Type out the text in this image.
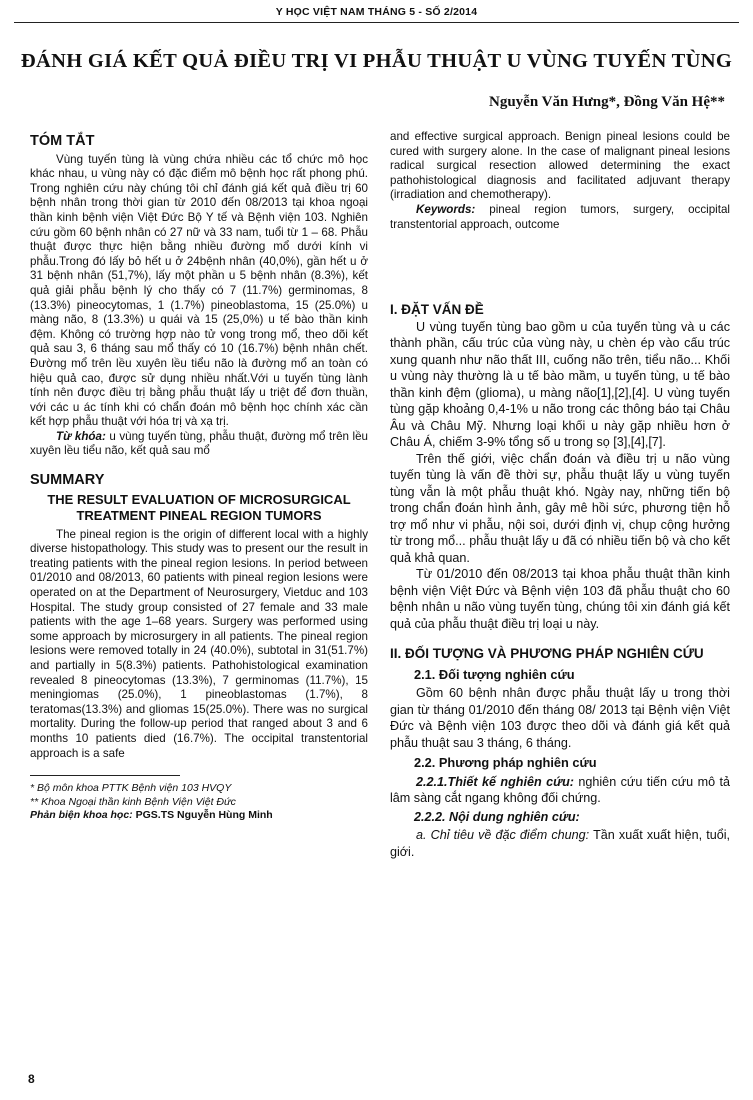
Y HỌC VIỆT NAM THÁNG 5 - SỐ 2/2014
ĐÁNH GIÁ KẾT QUẢ ĐIỀU TRỊ VI PHẪU THUẬT U VÙNG TUYẾN TÙNG
Nguyễn Văn Hưng*, Đồng Văn Hệ**
TÓM TẮT

Vùng tuyến tùng là vùng chứa nhiều các tổ chức mô học khác nhau, u vùng này có đặc điểm mô bệnh học rất phong phú. Trong nghiên cứu này chúng tôi chỉ đánh giá kết quả điều trị 60 bệnh nhân trong thời gian từ 2010 đến 08/2013 tại khoa ngoại thần kinh bệnh viện Việt Đức Bộ Y tế và Bệnh viện 103. Nghiên cứu gồm 60 bệnh nhân có 27 nữ và 33 nam, tuổi từ 1 – 68. Phẫu thuật được thực hiện bằng nhiều đường mổ dưới kính vi phẫu.Trong đó lấy bỏ hết u ở 24bệnh nhân (40,0%), gần hết u ở 31 bệnh nhân (51,7%), lấy một phần u 5 bệnh nhân (8.3%), kết quả giải phẫu bệnh lý cho thấy có 7 (11.7%) germinomas, 8 (13.3%) pineocytomas, 1 (1.7%) pineoblastoma, 15 (25.0%) u màng não, 8 (13.3%) u quái và 15 (25,0%) u tế bào thần kinh đệm. Không có trường hợp nào tử vong trong mổ, theo dõi kết quả sau 3, 6 tháng sau mổ thấy có 10 (16.7%) bệnh nhân chết. Đường mổ trên lều xuyên lều tiểu não là đường mổ an toàn có hiệu quả cao, được sử dụng nhiều nhất.Với u tuyến tùng lành tính nên được điều trị bằng phẫu thuật lấy u triệt để đơn thuần, với các u ác tính khi có chẩn đoán mô bệnh học chính xác cần kết hợp phẫu thuật với hóa trị và xạ trị.

Từ khóa: u vùng tuyến tùng, phẫu thuật, đường mổ trên lều xuyên lều tiểu não, kết quả sau mổ

SUMMARY
THE RESULT EVALUATION OF MICROSURGICAL TREATMENT PINEAL REGION TUMORS

The pineal region is the origin of different local with a highly diverse histopathology. This study was to present our the result in treating patients with the pineal region lesions. In period between 01/2010 and 08/2013, 60 patients with pineal region lesions were operated on at the Department of Neurosurgery, Vietduc and 103 Hospital. The study group consisted of 27 female and 33 male patients with the age 1–68 years. Surgery was performed using some approach by microsurgery in all patients. The pineal region lesions were removed totally in 24 (40.0%), subtotal in 31(51.7%) and partially in 5(8.3%) patients. Pathohistological examination revealed 8 pineocytomas (13.3%), 7 germinomas (11.7%), 15 meningiomas (25.0%), 1 pineoblastomas (1.7%), 8 teratomas(13.3%) and gliomas 15(25.0%). There was no surgical mortality. During the follow-up period that ranged about 3 and 6 months 10 patients died (16.7%). The occipital transtentorial approach is a safe

* Bộ môn khoa PTTK Bệnh viện 103 HVQY
** Khoa Ngoại thần kinh Bệnh Viện Việt Đức
Phản biện khoa học: PGS.TS Nguyễn Hùng Minh

and effective surgical approach. Benign pineal lesions could be cured with surgery alone. In the case of malignant pineal lesions radical surgical resection allowed determining the exact pathohistological diagnosis and facilitated adjuvant therapy (irradiation and chemotherapy).

Keywords: pineal region tumors, surgery, occipital transtentorial approach, outcome

I. ĐẶT VẤN ĐỀ

U vùng tuyến tùng bao gồm u của tuyến tùng và u các thành phần, cấu trúc của vùng này, u chèn ép vào cấu trúc xung quanh như não thất III, cuống não trên, tiểu não... Khối u vùng này thường là u tế bào mầm, u tuyến tùng, u tế bào thần kinh đệm (glioma), u màng não[1],[2],[4]. U vùng tuyến tùng gặp khoảng 0,4-1% u não trong các thông báo tại Châu Âu và Châu Mỹ. Nhưng loại khối u này gặp nhiều hơn ở Châu Á, chiếm 3-9% tổng số u trong sọ [3],[4],[7].

Trên thế giới, việc chẩn đoán và điều trị u não vùng tuyến tùng là vấn đề thời sự, phẫu thuật lấy u vùng tuyến tùng vẫn là một phẫu thuật khó. Ngày nay, những tiến bộ trong chẩn đoán hình ảnh, gây mê hồi sức, phương tiện hỗ trợ mổ như vi phẫu, nội soi, dưới định vị, chụp cộng hưởng từ trong mổ... phẫu thuật lấy u đã có nhiều tiến bộ và cho kết quả khả quan.

Từ 01/2010 đến 08/2013 tại khoa phẫu thuật thần kinh bệnh viện Việt Đức và Bệnh viện 103 đã phẫu thuật cho 60 bệnh nhân u não vùng tuyến tùng, chúng tôi xin đánh giá kết quả của phẫu thuật điều trị loại u này.

II. ĐỐI TƯỢNG VÀ PHƯƠNG PHÁP NGHIÊN CỨU
2.1. Đối tượng nghiên cứu

Gồm 60 bệnh nhân được phẫu thuật lấy u trong thời gian từ tháng 01/2010 đến tháng 08/ 2013 tại Bệnh viện Việt Đức và Bệnh viện 103 được theo dõi và đánh giá kết quả phẫu thuật sau 3 tháng, 6 tháng.

2.2. Phương pháp nghiên cứu

2.2.1.Thiết kế nghiên cứu: nghiên cứu tiến cứu mô tả lâm sàng cắt ngang không đối chứng.

2.2.2. Nội dung nghiên cứu:

a. Chỉ tiêu về đặc điểm chung: Tần xuất xuất hiện, tuổi, giới.

8
